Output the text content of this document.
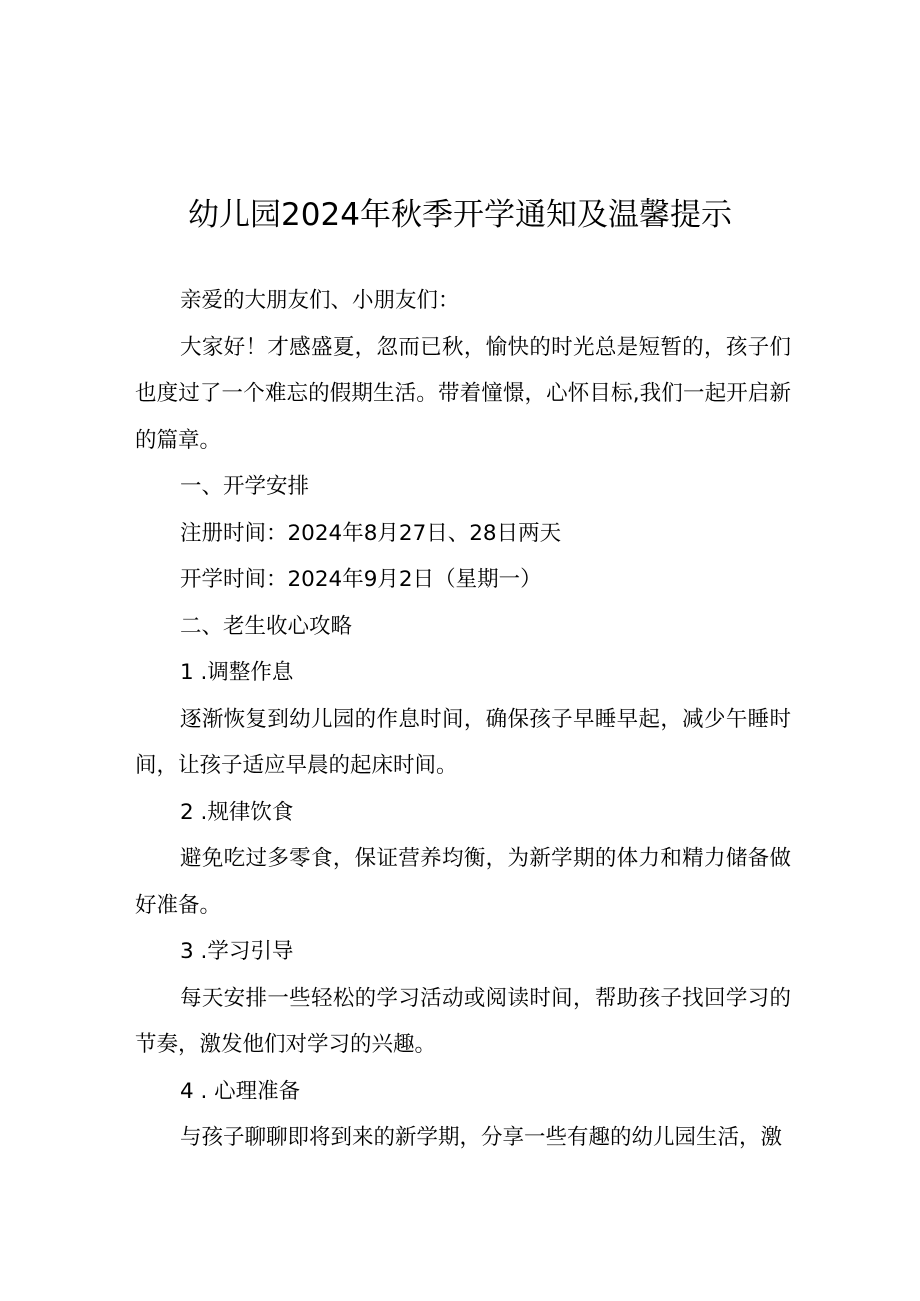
幼儿园2024年秋季开学通知及温馨提示

亲爱的大朋友们、小朋友们：

大家好！才感盛夏，忽而已秋，愉快的时光总是短暂的，孩子们也度过了一个难忘的假期生活。带着憧憬，心怀目标,我们一起开启新的篇章。

一、开学安排

注册时间：2024年8月27日、28日两天

开学时间：2024年9月2日（星期一）

二、老生收心攻略

1 .调整作息

逐渐恢复到幼儿园的作息时间，确保孩子早睡早起，减少午睡时间，让孩子适应早晨的起床时间。

2 .规律饮食

避免吃过多零食，保证营养均衡，为新学期的体力和精力储备做好准备。

3 .学习引导

每天安排一些轻松的学习活动或阅读时间，帮助孩子找回学习的节奏，激发他们对学习的兴趣。

4 . 心理准备

与孩子聊聊即将到来的新学期，分享一些有趣的幼儿园生活，激
